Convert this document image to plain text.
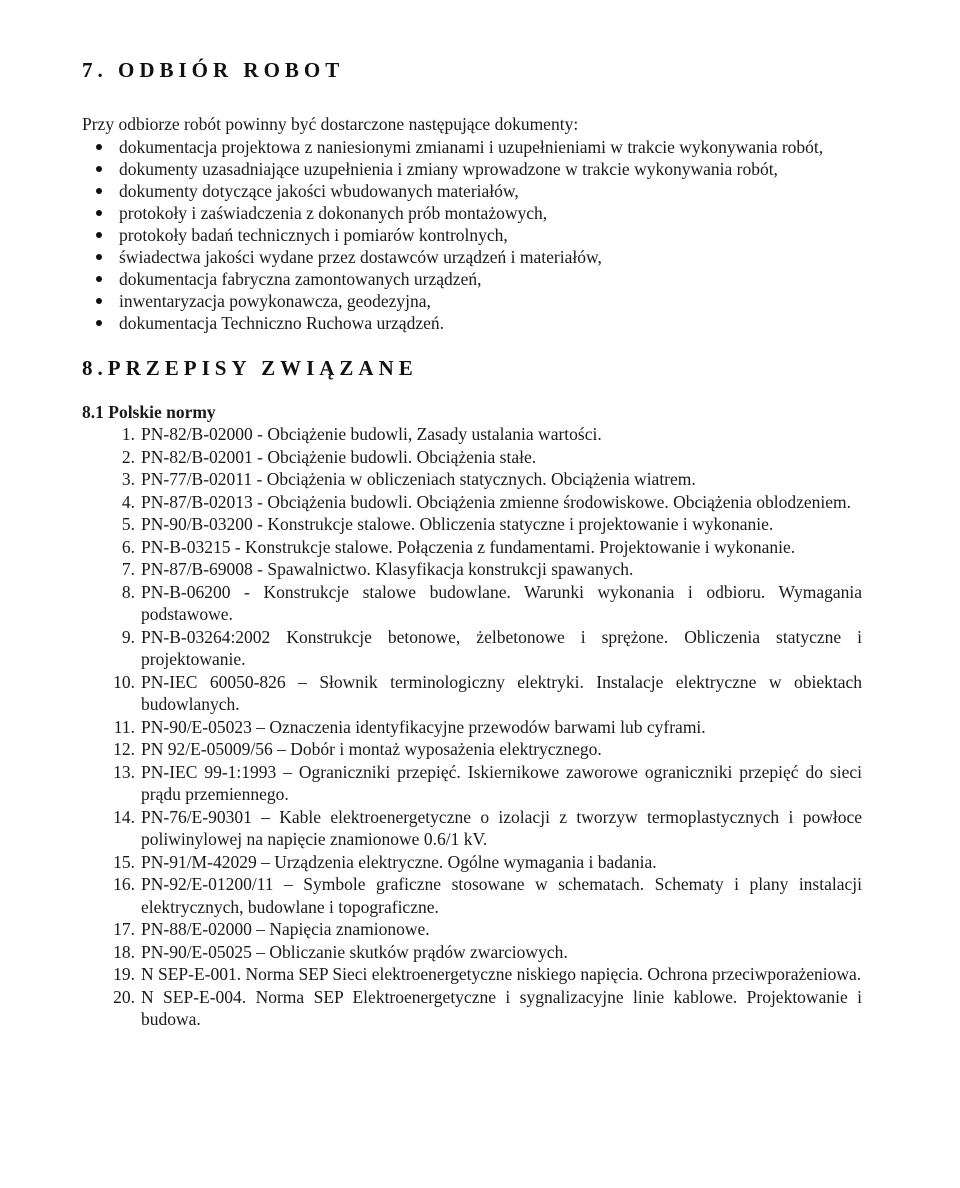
7. ODBIÓR ROBOT

Przy odbiorze robót powinny być dostarczone następujące dokumenty:

dokumentacja projektowa z naniesionymi zmianami i uzupełnieniami w trakcie wykonywania robót,
dokumenty uzasadniające uzupełnienia i zmiany wprowadzone w trakcie wykonywania robót,
dokumenty dotyczące jakości wbudowanych materiałów,
protokoły i zaświadczenia z dokonanych prób montażowych,
protokoły badań technicznych i pomiarów kontrolnych,
świadectwa jakości wydane przez dostawców urządzeń i materiałów,
dokumentacja fabryczna zamontowanych urządzeń,
inwentaryzacja powykonawcza, geodezyjna,
dokumentacja Techniczno Ruchowa urządzeń.
8.PRZEPISY ZWIĄZANE
8.1 Polskie normy
1. PN-82/B-02000 - Obciążenie budowli, Zasady ustalania wartości.
2. PN-82/B-02001 - Obciążenie budowli. Obciążenia stałe.
3. PN-77/B-02011 - Obciążenia w obliczeniach statycznych. Obciążenia wiatrem.
4. PN-87/B-02013 - Obciążenia budowli. Obciążenia zmienne środowiskowe. Obciążenia oblodzeniem.
5. PN-90/B-03200 - Konstrukcje stalowe. Obliczenia statyczne i projektowanie i wykonanie.
6. PN-B-03215 - Konstrukcje stalowe. Połączenia z fundamentami. Projektowanie i wykonanie.
7. PN-87/B-69008 - Spawalnictwo. Klasyfikacja konstrukcji spawanych.
8. PN-B-06200 - Konstrukcje stalowe budowlane. Warunki wykonania i odbioru. Wymagania podstawowe.
9. PN-B-03264:2002 Konstrukcje betonowe, żelbetonowe i sprężone. Obliczenia statyczne i projektowanie.
10. PN-IEC 60050-826 – Słownik terminologiczny elektryki. Instalacje elektryczne w obiektach budowlanych.
11. PN-90/E-05023 – Oznaczenia identyfikacyjne przewodów barwami lub cyframi.
12. PN 92/E-05009/56 – Dobór i montaż wyposażenia elektrycznego.
13. PN-IEC 99-1:1993 – Ograniczniki przepięć. Iskiernikowe zaworowe ograniczniki przepięć do sieci prądu przemiennego.
14. PN-76/E-90301 – Kable elektroenergetyczne o izolacji z tworzyw termoplastycznych i powłoce poliwinylowej na napięcie znamionowe 0.6/1 kV.
15. PN-91/M-42029 – Urządzenia elektryczne. Ogólne wymagania i badania.
16. PN-92/E-01200/11 – Symbole graficzne stosowane w schematach. Schematy i plany instalacji elektrycznych, budowlane i topograficzne.
17. PN-88/E-02000 – Napięcia znamionowe.
18. PN-90/E-05025 – Obliczanie skutków prądów zwarciowych.
19. N SEP-E-001. Norma SEP Sieci elektroenergetyczne niskiego napięcia. Ochrona przeciwporażeniowa.
20. N SEP-E-004. Norma SEP Elektroenergetyczne i sygnalizacyjne linie kablowe. Projektowanie i budowa.
